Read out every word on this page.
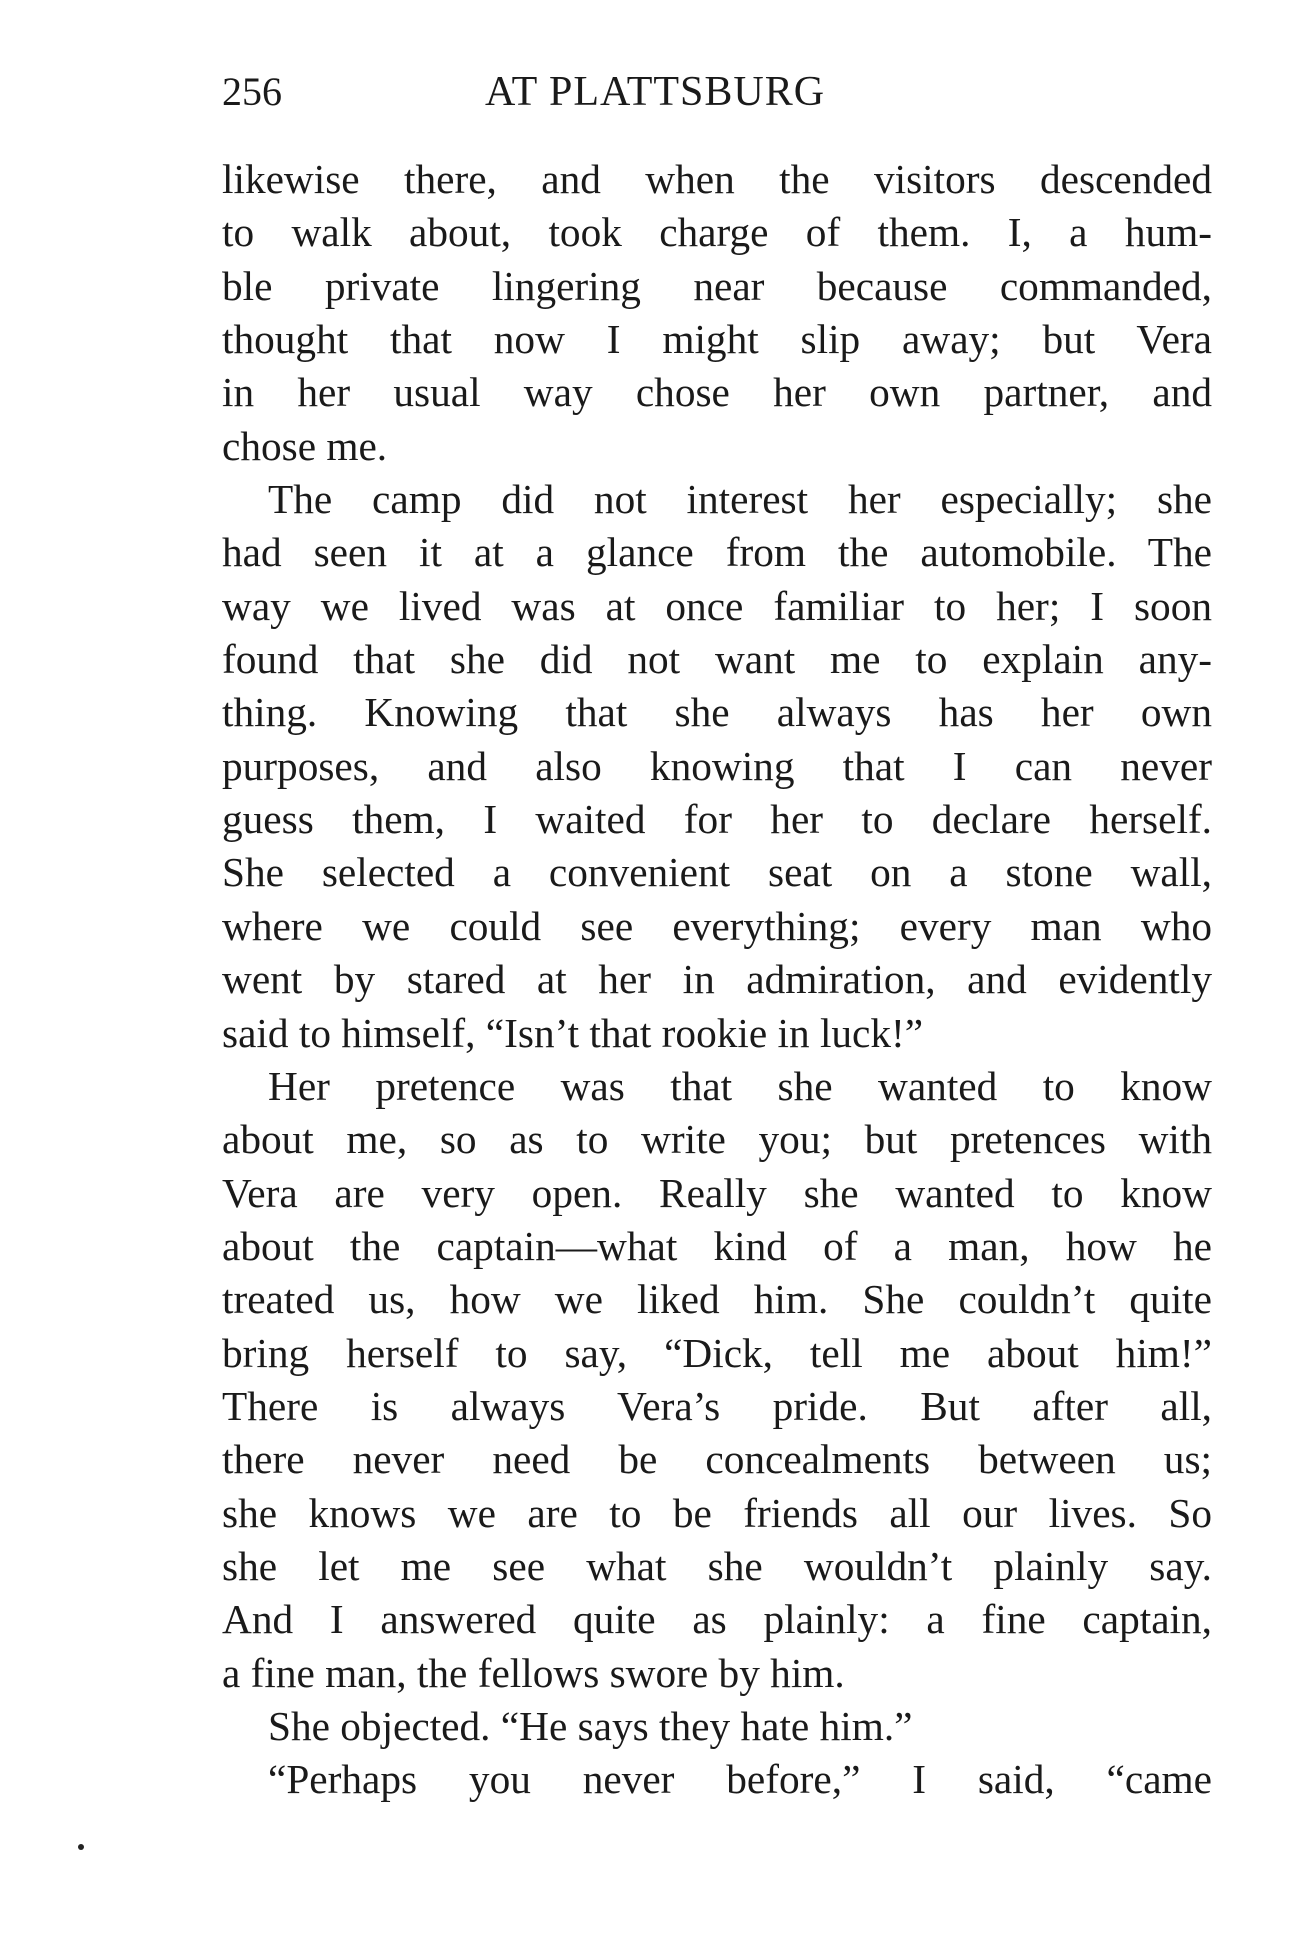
256	AT PLATTSBURG
likewise there, and when the visitors descended
to walk about, took charge of them. I, a hum-
ble private lingering near because commanded,
thought that now I might slip away; but Vera
in her usual way chose her own partner, and
chose me.
The camp did not interest her especially; she
had seen it at a glance from the automobile. The
way we lived was at once familiar to her; I soon
found that she did not want me to explain any-
thing. Knowing that she always has her own
purposes, and also knowing that I can never
guess them, I waited for her to declare herself.
She selected a convenient seat on a stone wall,
where we could see everything; every man who
went by stared at her in admiration, and evidently
said to himself, “Isn’t that rookie in luck!”
Her pretence was that she wanted to know
about me, so as to write you; but pretences with
Vera are very open. Really she wanted to know
about the captain—what kind of a man, how he
treated us, how we liked him. She couldn’t quite
bring herself to say, “Dick, tell me about him!”
There is always Vera’s pride. But after all,
there never need be concealments between us;
she knows we are to be friends all our lives. So
she let me see what she wouldn’t plainly say.
And I answered quite as plainly: a fine captain,
a fine man, the fellows swore by him.
She objected. “He says they hate him.”
“Perhaps you never before,” I said, “came
